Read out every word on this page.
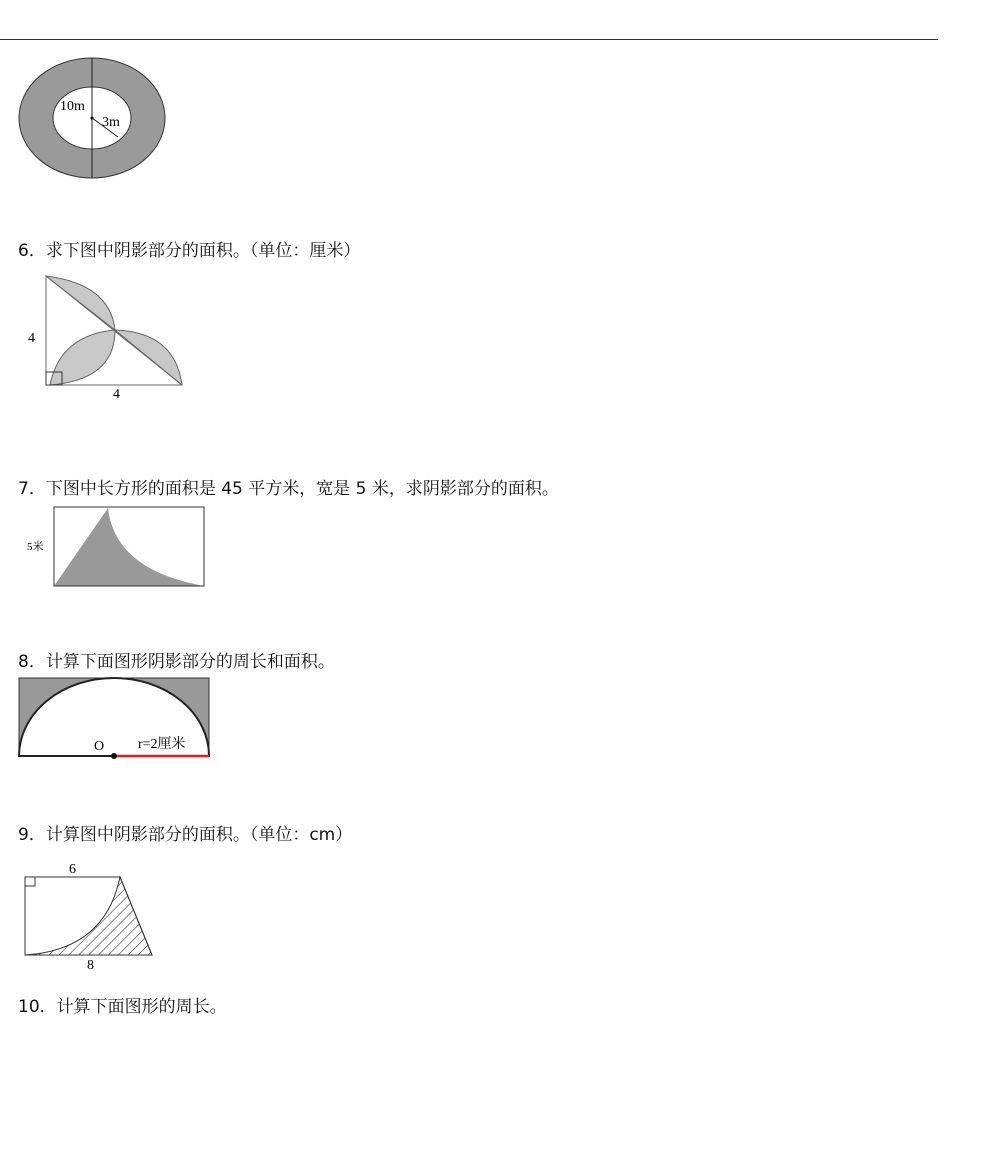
10m
3m
6．求下图中阴影部分的面积。（单位：厘米）
4
4
7．下图中长方形的面积是 45 平方米，宽是 5 米，求阴影部分的面积。
5米
8．计算下面图形阴影部分的周长和面积。
O r=2厘米
9．计算图中阴影部分的面积。（单位：cm）
6
8
10．计算下面图形的周长。
